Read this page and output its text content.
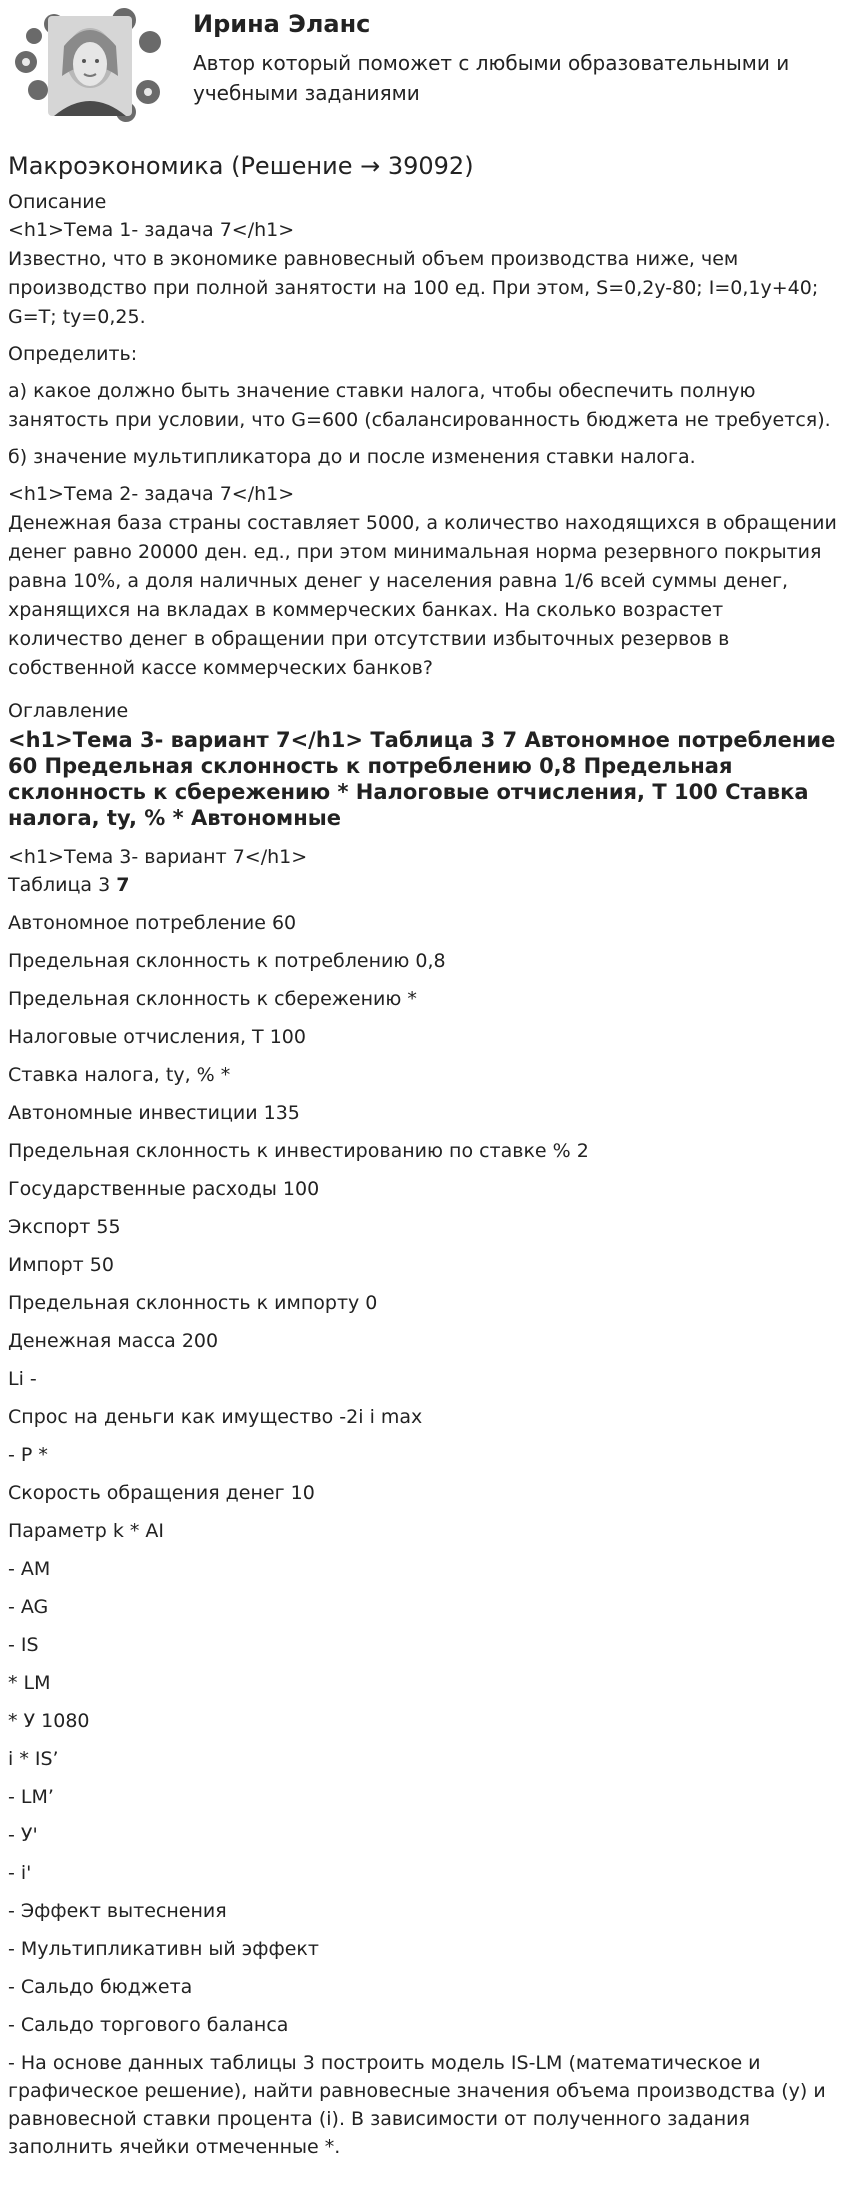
Ирина Эланс
Автор который поможет с любыми образовательными и учебными заданиями
Макроэкономика (Решение → 39092)
Описание
<h1>Тема 1- задача 7</h1>

Известно, что в экономике равновесный объем производства ниже, чем производство при полной занятости на 100 ед. При этом, S=0,2y-80; I=0,1y+40; G=T; ty=0,25.

Определить:

а) какое должно быть значение ставки налога, чтобы обеспечить полную занятость при условии, что G=600 (сбалансированность бюджета не требуется).

б) значение мультипликатора до и после изменения ставки налога.

<h1>Тема 2- задача 7</h1>

Денежная база страны составляет 5000, а количество находящихся в обращении денег равно 20000 ден. ед., при этом минимальная норма резервного покрытия равна 10%, а доля наличных денег у населения равна 1/6 всей суммы денег, хранящихся на вкладах в коммерческих банках. На сколько возрастет количество денег в обращении при отсутствии избыточных резервов в собственной кассе коммерческих банков?

Оглавление
<h1>Тема 3- вариант 7</h1> Таблица 3 7 Автономное потребление 60 Предельная склонность к потреблению 0,8 Предельная склонность к сбережению * Налоговые отчисления, Т 100 Ставка налога, ty, % * Автономные
<h1>Тема 3- вариант 7</h1>
Таблица 3 7
Автономное потребление 60
Предельная склонность к потреблению 0,8
Предельная склонность к сбережению *
Налоговые отчисления, Т 100
Ставка налога, ty, % *
Автономные инвестиции 135
Предельная склонность к инвестированию по ставке % 2
Государственные расходы 100
Экспорт 55
Импорт 50
Предельная склонность к импорту 0
Денежная масса 200
Li -
Спрос на деньги как имущество -2i i max
- Р *
Скорость обращения денег 10
Параметр k * AI
- AM
- AG
- IS
* LM
* У 1080
i * IS’
- LM’
- У'
- i'
- Эффект вытеснения
- Мультипликативн ый эффект
- Сальдо бюджета
- Сальдо торгового баланса
- На основе данных таблицы 3 построить модель IS-LM (математическое и графическое решение), найти равновесные значения объема производства (у) и равновесной ставки процента (i). В зависимости от полученного задания заполнить ячейки отмеченные *.
